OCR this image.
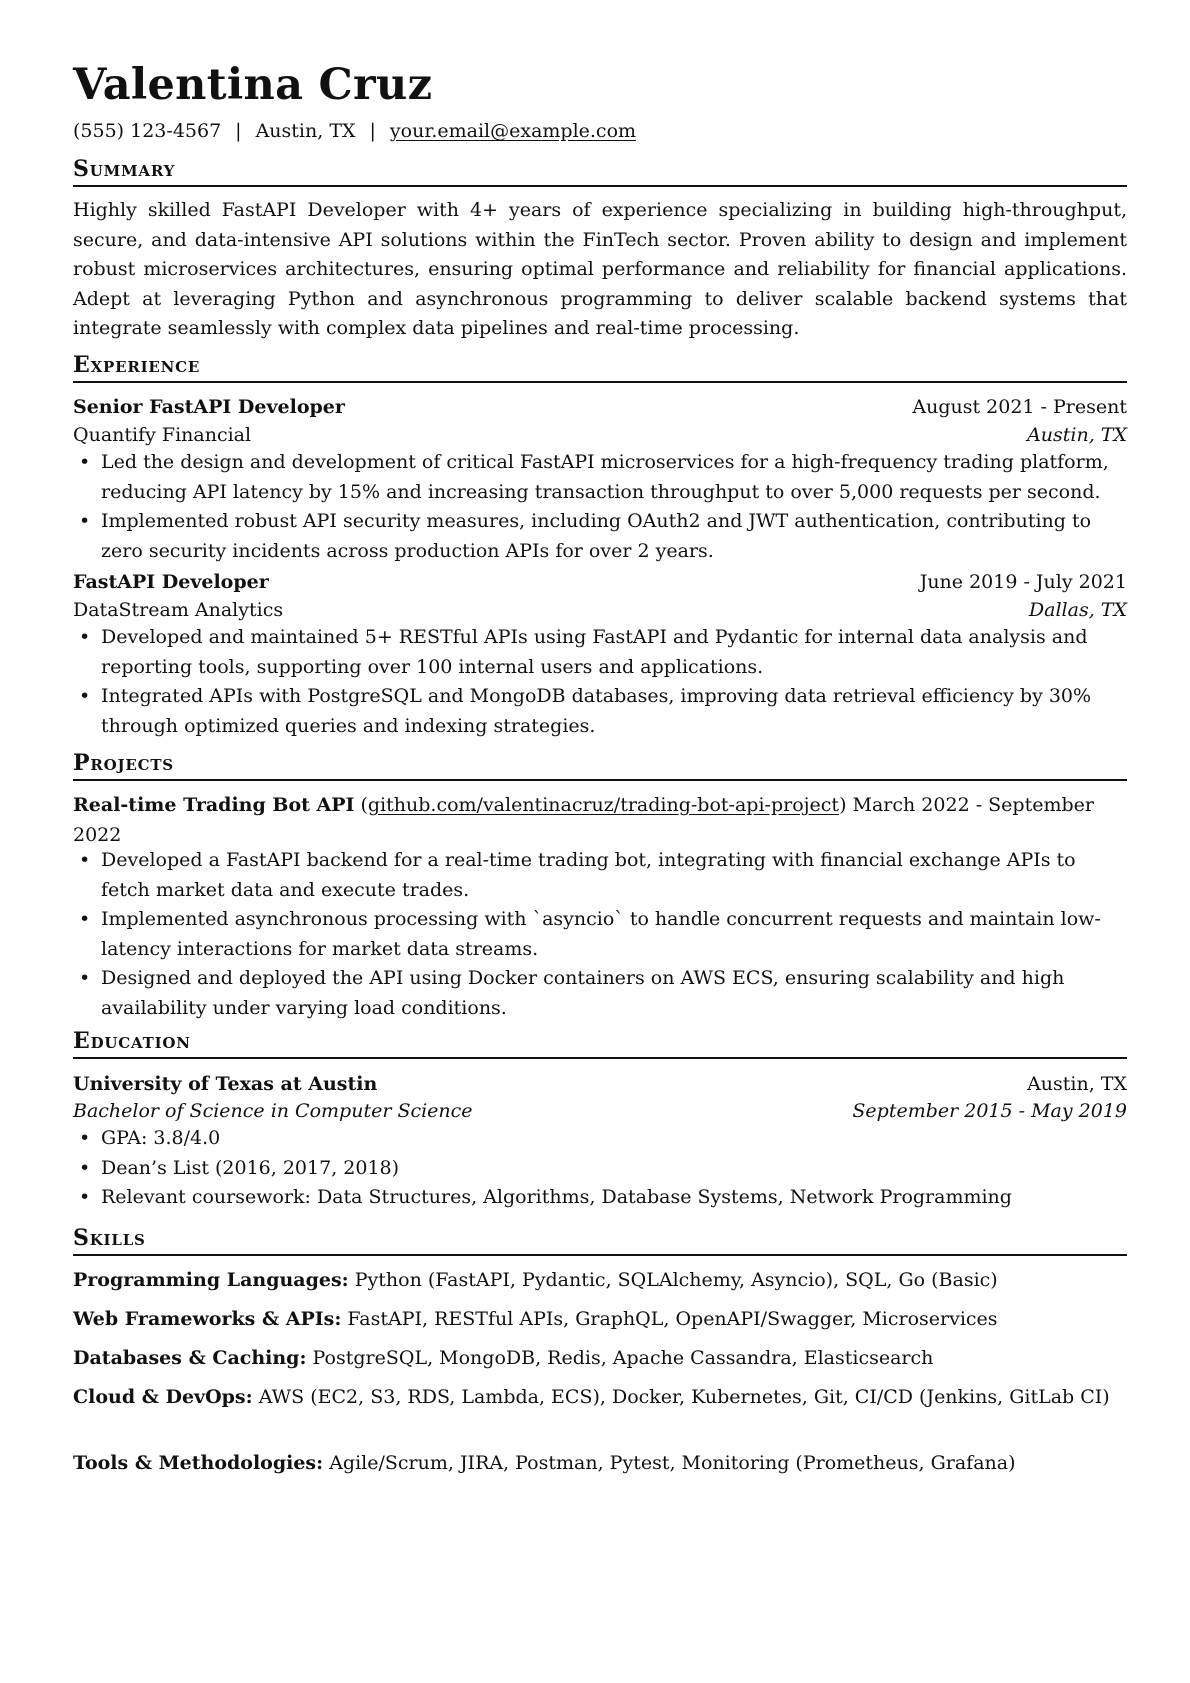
Valentina Cruz
(555) 123-4567 | Austin, TX | your.email@example.com
Summary

Highly skilled FastAPI Developer with 4+ years of experience specializing in building high-throughput, secure, and data-intensive API solutions within the FinTech sector. Proven ability to design and implement robust microservices architectures, ensuring optimal performance and reliability for financial applications. Adept at leveraging Python and asynchronous programming to deliver scalable backend systems that integrate seamlessly with complex data pipelines and real-time processing.

Experience
Senior FastAPI Developer	August 2021 - Present
Quantify Financial	Austin, TX
• Led the design and development of critical FastAPI microservices for a high-frequency trading platform, reducing API latency by 15% and increasing transaction throughput to over 5,000 requests per second.
• Implemented robust API security measures, including OAuth2 and JWT authentication, contributing to zero security incidents across production APIs for over 2 years.
FastAPI Developer	June 2019 - July 2021
DataStream Analytics	Dallas, TX
• Developed and maintained 5+ RESTful APIs using FastAPI and Pydantic for internal data analysis and reporting tools, supporting over 100 internal users and applications.
• Integrated APIs with PostgreSQL and MongoDB databases, improving data retrieval efficiency by 30% through optimized queries and indexing strategies.
Projects

Real-time Trading Bot API (github.com/valentinacruz/trading-bot-api-project) March 2022 - September 2022

• Developed a FastAPI backend for a real-time trading bot, integrating with financial exchange APIs to fetch market data and execute trades.
• Implemented asynchronous processing with `asyncio` to handle concurrent requests and maintain low-latency interactions for market data streams.
• Designed and deployed the API using Docker containers on AWS ECS, ensuring scalability and high availability under varying load conditions.
Education
University of Texas at Austin	Austin, TX
Bachelor of Science in Computer Science	September 2015 - May 2019
• GPA: 3.8/4.0
• Dean’s List (2016, 2017, 2018)
• Relevant coursework: Data Structures, Algorithms, Database Systems, Network Programming
Skills

Programming Languages: Python (FastAPI, Pydantic, SQLAlchemy, Asyncio), SQL, Go (Basic)

Web Frameworks & APIs: FastAPI, RESTful APIs, GraphQL, OpenAPI/Swagger, Microservices

Databases & Caching: PostgreSQL, MongoDB, Redis, Apache Cassandra, Elasticsearch

Cloud & DevOps: AWS (EC2, S3, RDS, Lambda, ECS), Docker, Kubernetes, Git, CI/CD (Jenkins, GitLab CI)

Tools & Methodologies: Agile/Scrum, JIRA, Postman, Pytest, Monitoring (Prometheus, Grafana)
